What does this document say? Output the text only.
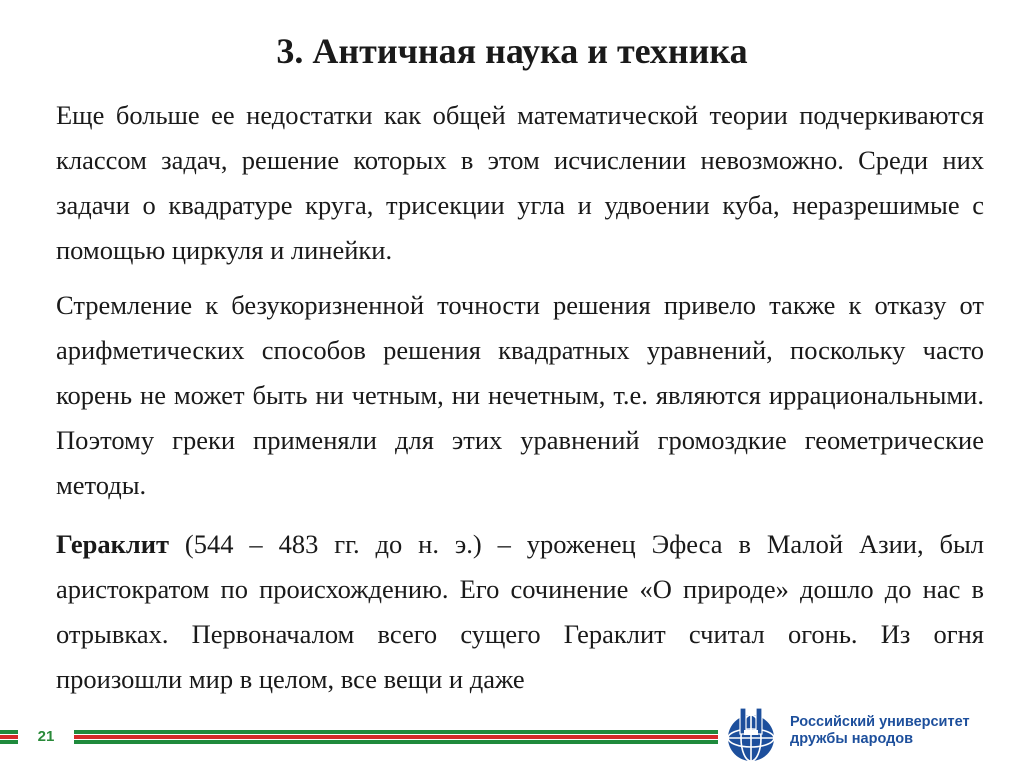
3. Античная наука и техника

Еще больше ее недостатки как общей математической теории подчеркиваются классом задач, решение которых в этом исчислении невозможно. Среди них задачи о квадратуре круга, трисекции угла и удвоении куба, неразрешимые с помощью циркуля и линейки.

Стремление к безукоризненной точности решения привело также к отказу от арифметических способов решения квадратных уравнений, поскольку часто корень не может быть ни четным, ни нечетным, т.е. являются иррациональными. Поэтому греки применяли для этих уравнений громоздкие геометрические методы.

Гераклит (544 – 483 гг. до н. э.) – уроженец Эфеса в Малой Азии, был аристократом по происхождению. Его сочинение «О природе» дошло до нас в отрывках. Первоначалом всего сущего Гераклит считал огонь. Из огня произошли мир в целом, все вещи и даже

21
Российский университет
дружбы народов
